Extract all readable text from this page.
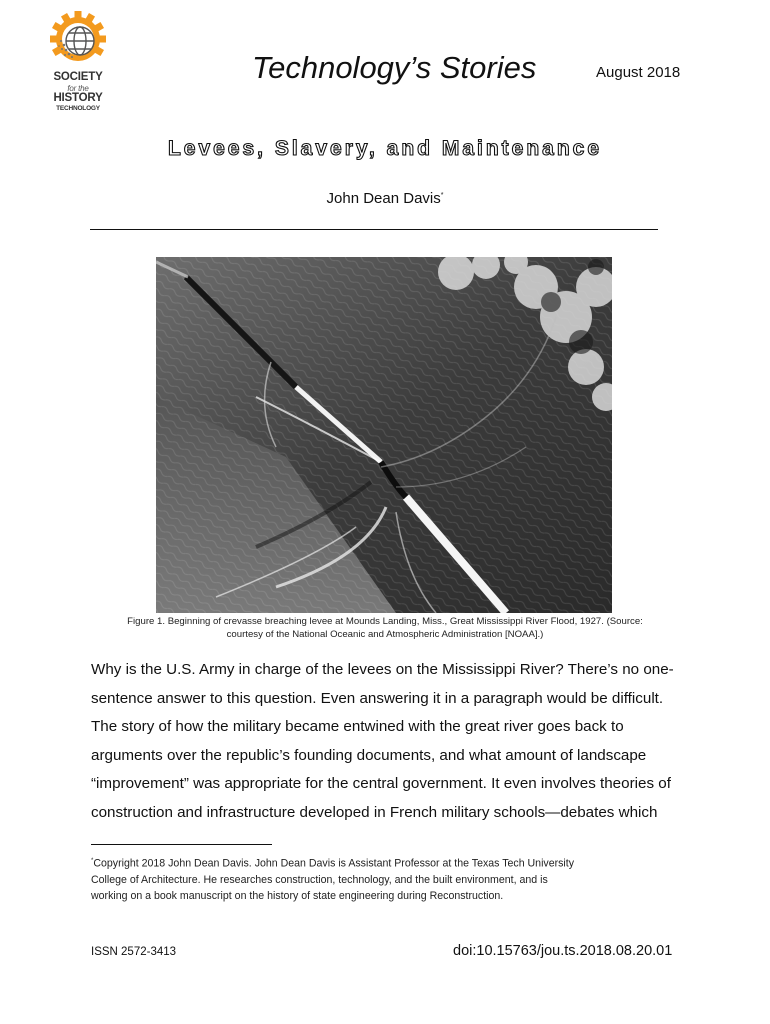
SOCIETY
for the
HISTORY
TECHNOLOGY
Technology’s Stories	August 2018
Levees, Slavery, and Maintenance
John Dean Davis*
Figure 1. Beginning of crevasse breaching levee at Mounds Landing, Miss., Great Mississippi River Flood, 1927. (Source:
courtesy of the National Oceanic and Atmospheric Administration [NOAA].)
Why is the U.S. Army in charge of the levees on the Mississippi River? There’s no one-
sentence answer to this question. Even answering it in a paragraph would be difficult.
The story of how the military became entwined with the great river goes back to
arguments over the republic’s founding documents, and what amount of landscape
“improvement” was appropriate for the central government. It even involves theories of
construction and infrastructure developed in French military schools—debates which
*Copyright 2018 John Dean Davis. John Dean Davis is Assistant Professor at the Texas Tech University
College of Architecture. He researches construction, technology, and the built environment, and is
working on a book manuscript on the history of state engineering during Reconstruction.
ISSN 2572-3413	doi:10.15763/jou.ts.2018.08.20.01
